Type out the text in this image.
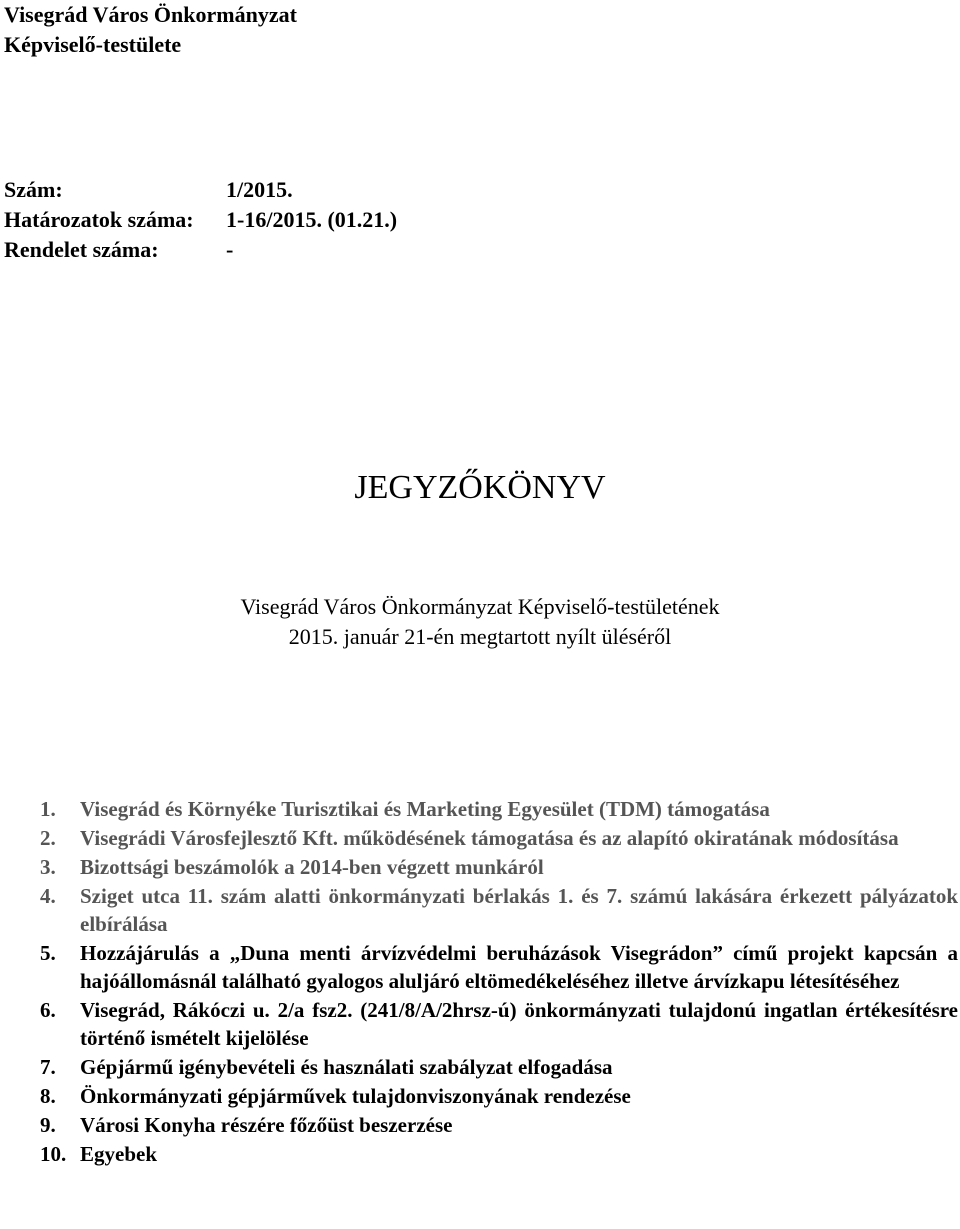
Visegrád Város Önkormányzat
Képviselő-testülete
Szám:	1/2015.
Határozatok száma:	1-16/2015. (01.21.)
Rendelet száma:	-
JEGYZŐKÖNYV
Visegrád Város Önkormányzat Képviselő-testületének
2015. január 21-én megtartott nyílt üléséről
1.	Visegrád és Környéke Turisztikai és Marketing Egyesület (TDM) támogatása
2.	Visegrádi Városfejlesztő Kft. működésének támogatása és az alapító okiratának módosítása
3.	Bizottsági beszámolók a 2014-ben végzett munkáról
4.	Sziget utca 11. szám alatti önkormányzati bérlakás 1. és 7. számú lakására érkezett pályázatok elbírálása
5.	Hozzájárulás a „Duna menti árvízvédelmi beruházások Visegrádon” című projekt kapcsán a hajóállomásnál található gyalogos aluljáró eltömedékeléséhez illetve árvízkapu létesítéséhez
6.	Visegrád, Rákóczi u. 2/a fsz2. (241/8/A/2hrsz-ú) önkormányzati tulajdonú ingatlan értékesítésre történő ismételt kijelölése
7.	Gépjármű igénybevételi és használati szabályzat elfogadása
8.	Önkormányzati gépjárművek tulajdonviszonyának rendezése
9.	Városi Konyha részére főzőüst beszerzése
10. Egyebek
